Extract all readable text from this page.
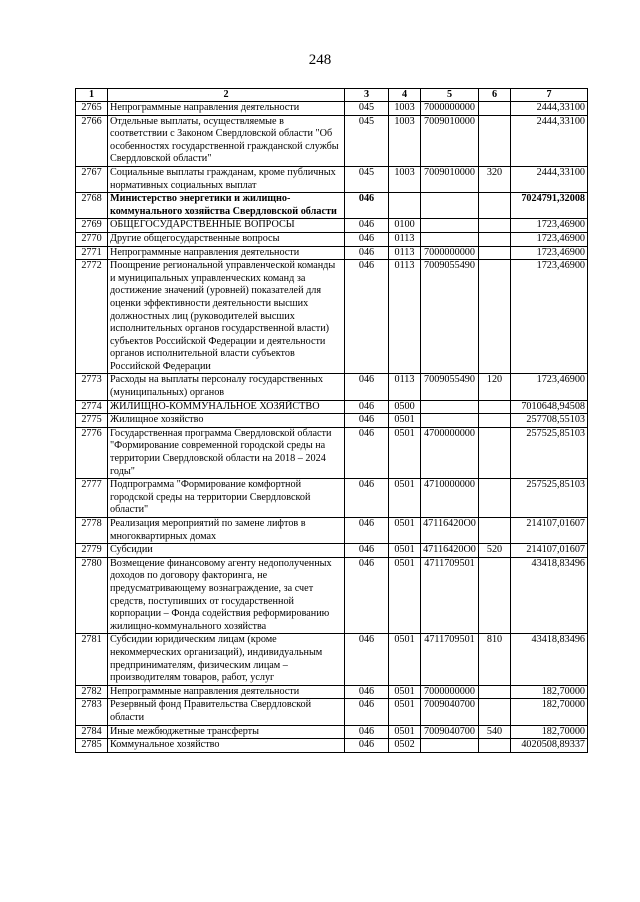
248
1	2	3	4	5	6	7
2765	Непрограммные направления деятельности	045	1003	7000000000		2444,33100
2766	Отдельные выплаты, осуществляемые в соответствии с Законом Свердловской области "Об особенностях государственной гражданской службы Свердловской области"	045	1003	7009010000		2444,33100
2767	Социальные выплаты гражданам, кроме публичных нормативных социальных выплат	045	1003	7009010000	320	2444,33100
2768	Министерство энергетики и жилищно-коммунального хозяйства Свердловской области	046				7024791,32008
2769	ОБЩЕГОСУДАРСТВЕННЫЕ ВОПРОСЫ	046	0100			1723,46900
2770	Другие общегосударственные вопросы	046	0113			1723,46900
2771	Непрограммные направления деятельности	046	0113	7000000000		1723,46900
2772	Поощрение региональной управленческой команды и муниципальных управленческих команд за достижение значений (уровней) показателей для оценки эффективности деятельности высших должностных лиц (руководителей высших исполнительных органов государственной власти) субъектов Российской Федерации и деятельности органов исполнительной власти субъектов Российской Федерации	046	0113	7009055490		1723,46900
2773	Расходы на выплаты персоналу государственных (муниципальных) органов	046	0113	7009055490	120	1723,46900
2774	ЖИЛИЩНО-КОММУНАЛЬНОЕ ХОЗЯЙСТВО	046	0500			7010648,94508
2775	Жилищное хозяйство	046	0501			257708,55103
2776	Государственная программа Свердловской области "Формирование современной городской среды на территории Свердловской области на 2018 – 2024 годы"	046	0501	4700000000		257525,85103
2777	Подпрограмма "Формирование комфортной городской среды на территории Свердловской области"	046	0501	4710000000		257525,85103
2778	Реализация мероприятий по замене лифтов в многоквартирных домах	046	0501	47116420О0		214107,01607
2779	Субсидии	046	0501	47116420О0	520	214107,01607
2780	Возмещение финансовому агенту недополученных доходов по договору факторинга, не предусматривающему вознаграждение, за счет средств, поступивших от государственной корпорации – Фонда содействия реформированию жилищно-коммунального хозяйства	046	0501	4711709501		43418,83496
2781	Субсидии юридическим лицам (кроме некоммерческих организаций), индивидуальным предпринимателям, физическим лицам – производителям товаров, работ, услуг	046	0501	4711709501	810	43418,83496
2782	Непрограммные направления деятельности	046	0501	7000000000		182,70000
2783	Резервный фонд Правительства Свердловской области	046	0501	7009040700		182,70000
2784	Иные межбюджетные трансферты	046	0501	7009040700	540	182,70000
2785	Коммунальное хозяйство	046	0502			4020508,89337
